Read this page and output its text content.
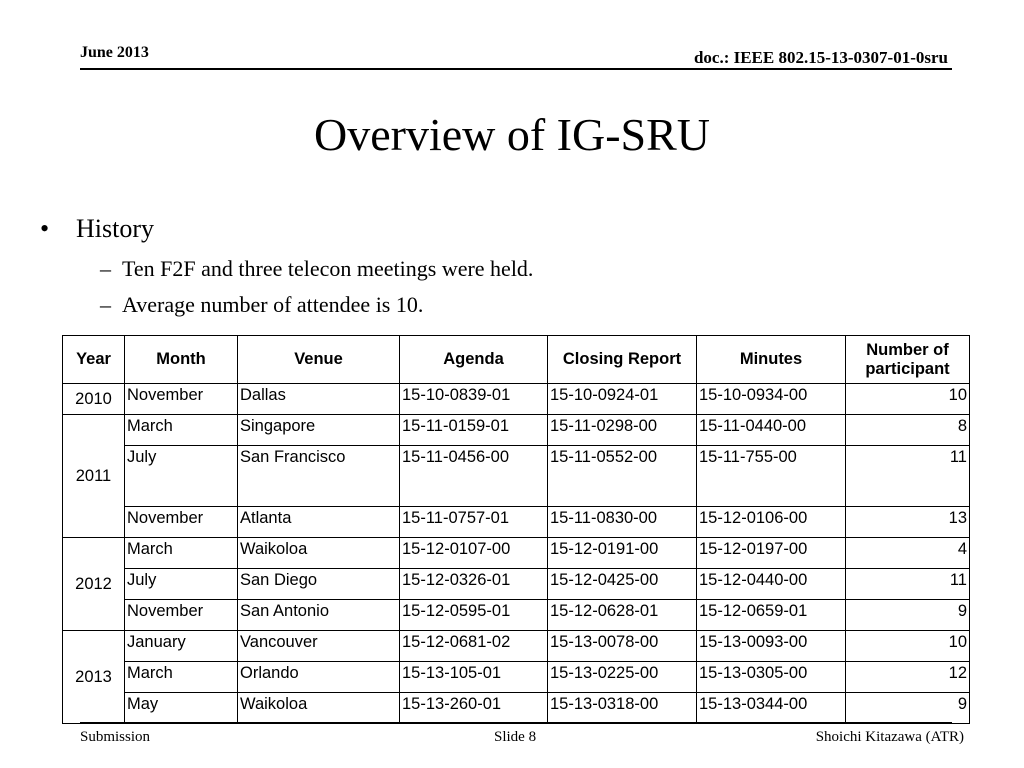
June 2013	doc.: IEEE 802.15-13-0307-01-0sru
Overview of IG-SRU
• History
– Ten F2F and three telecon meetings were held.
– Average number of attendee is 10.
Year	Month	Venue	Agenda	Closing Report	Minutes	Number of participant
2010	November	Dallas	15-10-0839-01	15-10-0924-01	15-10-0934-00	10
2011	March	Singapore	15-11-0159-01	15-11-0298-00	15-11-0440-00	8
	July	San Francisco	15-11-0456-00	15-11-0552-00	15-11-755-00	11
	November	Atlanta	15-11-0757-01	15-11-0830-00	15-12-0106-00	13
2012	March	Waikoloa	15-12-0107-00	15-12-0191-00	15-12-0197-00	4
	July	San Diego	15-12-0326-01	15-12-0425-00	15-12-0440-00	11
	November	San Antonio	15-12-0595-01	15-12-0628-01	15-12-0659-01	9
2013	January	Vancouver	15-12-0681-02	15-13-0078-00	15-13-0093-00	10
	March	Orlando	15-13-105-01	15-13-0225-00	15-13-0305-00	12
	May	Waikoloa	15-13-260-01	15-13-0318-00	15-13-0344-00	9
Submission	Slide 8	Shoichi Kitazawa (ATR)
